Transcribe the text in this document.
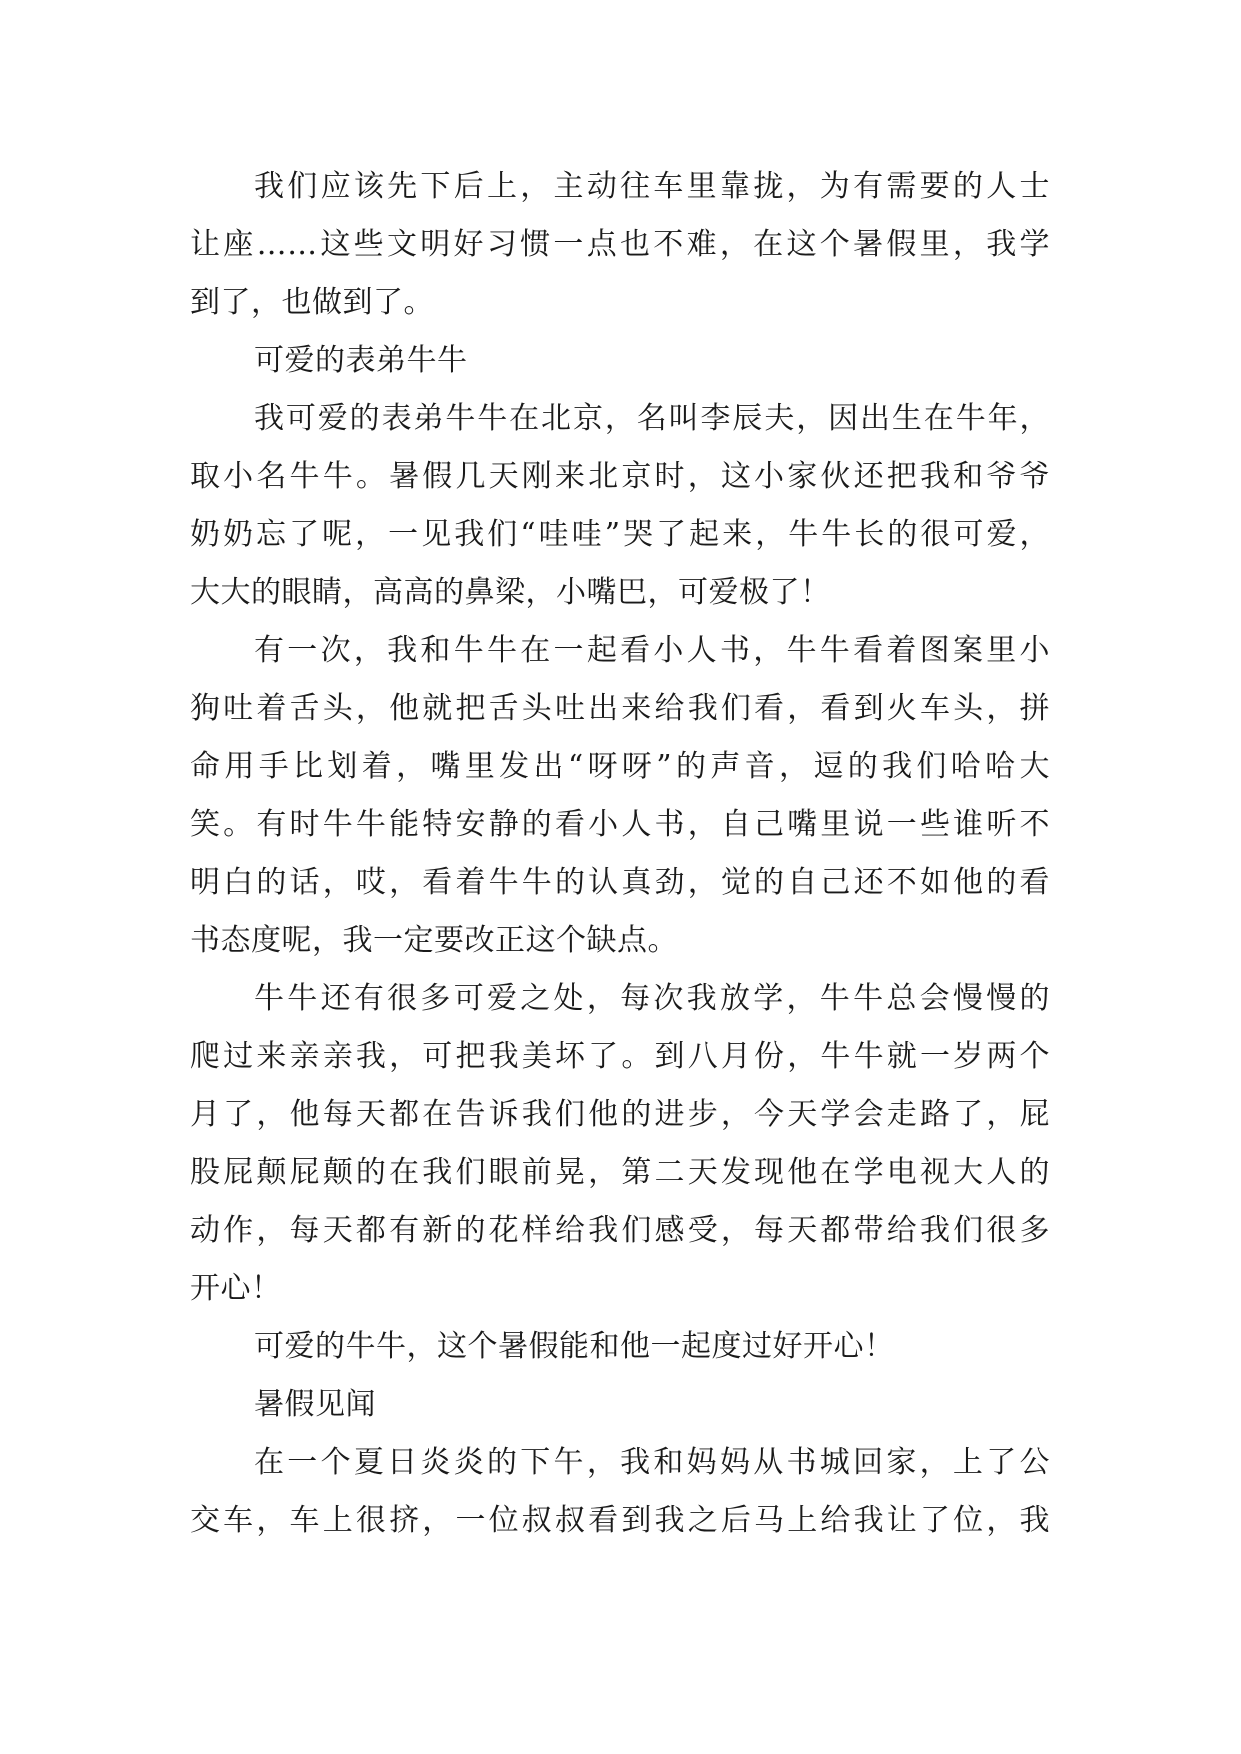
我们应该先下后上，主动往车里靠拢，为有需要的人士
让座……这些文明好习惯一点也不难，在这个暑假里，我学
到了，也做到了。
可爱的表弟牛牛
我可爱的表弟牛牛在北京，名叫李辰夫，因出生在牛年，
取小名牛牛。暑假几天刚来北京时，这小家伙还把我和爷爷
奶奶忘了呢，一见我们“哇哇”哭了起来，牛牛长的很可爱，
大大的眼睛，高高的鼻梁，小嘴巴，可爱极了！
有一次，我和牛牛在一起看小人书，牛牛看着图案里小
狗吐着舌头，他就把舌头吐出来给我们看，看到火车头，拼
命用手比划着，嘴里发出“呀呀”的声音，逗的我们哈哈大
笑。有时牛牛能特安静的看小人书，自己嘴里说一些谁听不
明白的话，哎，看着牛牛的认真劲，觉的自己还不如他的看
书态度呢，我一定要改正这个缺点。
牛牛还有很多可爱之处，每次我放学，牛牛总会慢慢的
爬过来亲亲我，可把我美坏了。到八月份，牛牛就一岁两个
月了，他每天都在告诉我们他的进步，今天学会走路了，屁
股屁颠屁颠的在我们眼前晃，第二天发现他在学电视大人的
动作，每天都有新的花样给我们感受，每天都带给我们很多
开心！
可爱的牛牛，这个暑假能和他一起度过好开心！
暑假见闻
在一个夏日炎炎的下午，我和妈妈从书城回家，上了公
交车，车上很挤，一位叔叔看到我之后马上给我让了位，我
